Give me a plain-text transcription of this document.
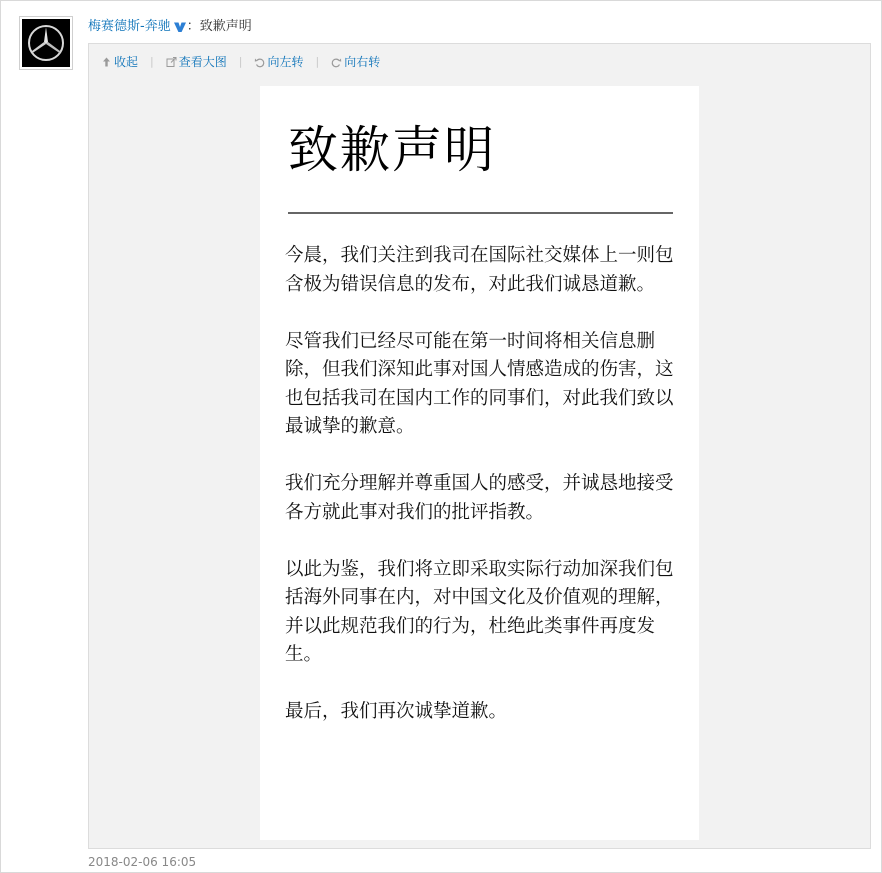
梅赛德斯-奔驰 ： 致歉声明
收起 | 查看大图 | 向左转 | 向右转
致歉声明

今晨，我们关注到我司在国际社交媒体上一则包含极为错误信息的发布，对此我们诚恳道歉。

尽管我们已经尽可能在第一时间将相关信息删除，但我们深知此事对国人情感造成的伤害，这也包括我司在国内工作的同事们，对此我们致以最诚挚的歉意。

我们充分理解并尊重国人的感受，并诚恳地接受各方就此事对我们的批评指教。

以此为鉴，我们将立即采取实际行动加深我们包括海外同事在内，对中国文化及价值观的理解，并以此规范我们的行为，杜绝此类事件再度发生。

最后，我们再次诚挚道歉。

2018-02-06 16:05
